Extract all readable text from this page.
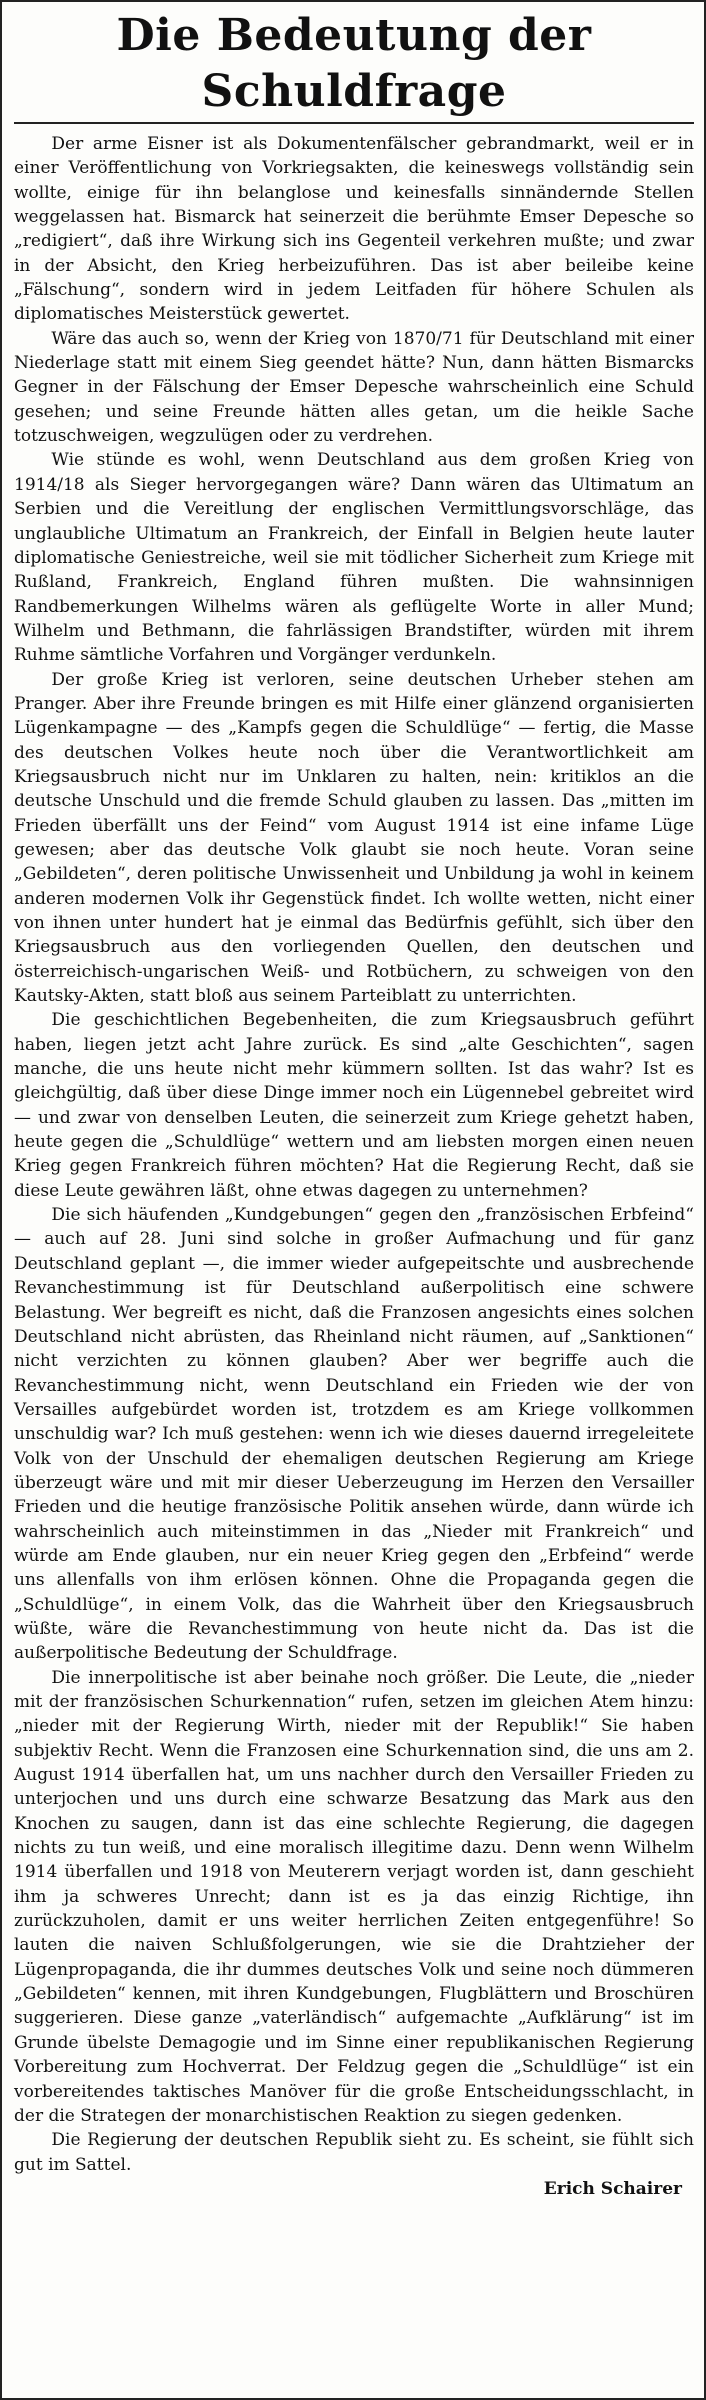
Die Bedeutung der Schuldfrage

Der arme Eisner ist als Dokumentenfälscher gebrandmarkt, weil er in einer Veröffentlichung von Vorkriegsakten, die keineswegs vollständig sein wollte, einige für ihn belanglose und keinesfalls sinnändernde Stellen weggelassen hat. Bismarck hat seinerzeit die berühmte Emser Depesche so „redigiert“, daß ihre Wirkung sich ins Gegenteil verkehren mußte; und zwar in der Absicht, den Krieg herbeizuführen. Das ist aber beileibe keine „Fälschung“, sondern wird in jedem Leitfaden für höhere Schulen als diplomatisches Meisterstück gewertet.

Wäre das auch so, wenn der Krieg von 1870/71 für Deutschland mit einer Niederlage statt mit einem Sieg geendet hätte? Nun, dann hätten Bismarcks Gegner in der Fälschung der Emser Depesche wahrscheinlich eine Schuld gesehen; und seine Freunde hätten alles getan, um die heikle Sache totzuschweigen, wegzulügen oder zu verdrehen.

Wie stünde es wohl, wenn Deutschland aus dem großen Krieg von 1914/18 als Sieger hervorgegangen wäre? Dann wären das Ultimatum an Serbien und die Vereitlung der englischen Vermittlungsvorschläge, das unglaubliche Ultimatum an Frankreich, der Einfall in Belgien heute lauter diplomatische Geniestreiche, weil sie mit tödlicher Sicherheit zum Kriege mit Rußland, Frankreich, England führen mußten. Die wahnsinnigen Randbemerkungen Wilhelms wären als geflügelte Worte in aller Mund; Wilhelm und Bethmann, die fahrlässigen Brandstifter, würden mit ihrem Ruhme sämtliche Vorfahren und Vorgänger verdunkeln.

Der große Krieg ist verloren, seine deutschen Urheber stehen am Pranger. Aber ihre Freunde bringen es mit Hilfe einer glänzend organisierten Lügenkampagne — des „Kampfs gegen die Schuldlüge“ — fertig, die Masse des deutschen Volkes heute noch über die Verantwortlichkeit am Kriegsausbruch nicht nur im Unklaren zu halten, nein: kritiklos an die deutsche Unschuld und die fremde Schuld glauben zu lassen. Das „mitten im Frieden überfällt uns der Feind“ vom August 1914 ist eine infame Lüge gewesen; aber das deutsche Volk glaubt sie noch heute. Voran seine „Gebildeten“, deren politische Unwissenheit und Unbildung ja wohl in keinem anderen modernen Volk ihr Gegenstück findet. Ich wollte wetten, nicht einer von ihnen unter hundert hat je einmal das Bedürfnis gefühlt, sich über den Kriegsausbruch aus den vorliegenden Quellen, den deutschen und österreichisch-ungarischen Weiß- und Rotbüchern, zu schweigen von den Kautsky-Akten, statt bloß aus seinem Parteiblatt zu unterrichten.

Die geschichtlichen Begebenheiten, die zum Kriegsausbruch geführt haben, liegen jetzt acht Jahre zurück. Es sind „alte Geschichten“, sagen manche, die uns heute nicht mehr kümmern sollten. Ist das wahr? Ist es gleichgültig, daß über diese Dinge immer noch ein Lügennebel gebreitet wird — und zwar von denselben Leuten, die seinerzeit zum Kriege gehetzt haben, heute gegen die „Schuldlüge“ wettern und am liebsten morgen einen neuen Krieg gegen Frankreich führen möchten? Hat die Regierung Recht, daß sie diese Leute gewähren läßt, ohne etwas dagegen zu unternehmen?

Die sich häufenden „Kundgebungen“ gegen den „französischen Erbfeind“ — auch auf 28. Juni sind solche in großer Aufmachung und für ganz Deutschland geplant —, die immer wieder aufgepeitschte und ausbrechende Revanchestimmung ist für Deutschland außerpolitisch eine schwere Belastung. Wer begreift es nicht, daß die Franzosen angesichts eines solchen Deutschland nicht abrüsten, das Rheinland nicht räumen, auf „Sanktionen“ nicht verzichten zu können glauben? Aber wer begriffe auch die Revanchestimmung nicht, wenn Deutschland ein Frieden wie der von Versailles aufgebürdet worden ist, trotzdem es am Kriege vollkommen unschuldig war? Ich muß gestehen: wenn ich wie dieses dauernd irregeleitete Volk von der Unschuld der ehemaligen deutschen Regierung am Kriege überzeugt wäre und mit mir dieser Ueberzeugung im Herzen den Versailler Frieden und die heutige französische Politik ansehen würde, dann würde ich wahrscheinlich auch miteinstimmen in das „Nieder mit Frankreich“ und würde am Ende glauben, nur ein neuer Krieg gegen den „Erbfeind“ werde uns allenfalls von ihm erlösen können. Ohne die Propaganda gegen die „Schuldlüge“, in einem Volk, das die Wahrheit über den Kriegsausbruch wüßte, wäre die Revanchestimmung von heute nicht da. Das ist die außerpolitische Bedeutung der Schuldfrage.

Die innerpolitische ist aber beinahe noch größer. Die Leute, die „nieder mit der französischen Schurkennation“ rufen, setzen im gleichen Atem hinzu: „nieder mit der Regierung Wirth, nieder mit der Republik!“ Sie haben subjektiv Recht. Wenn die Franzosen eine Schurkennation sind, die uns am 2. August 1914 überfallen hat, um uns nachher durch den Versailler Frieden zu unterjochen und uns durch eine schwarze Besatzung das Mark aus den Knochen zu saugen, dann ist das eine schlechte Regierung, die dagegen nichts zu tun weiß, und eine moralisch illegitime dazu. Denn wenn Wilhelm 1914 überfallen und 1918 von Meuterern verjagt worden ist, dann geschieht ihm ja schweres Unrecht; dann ist es ja das einzig Richtige, ihn zurückzuholen, damit er uns weiter herrlichen Zeiten entgegenführe! So lauten die naiven Schlußfolgerungen, wie sie die Drahtzieher der Lügenpropaganda, die ihr dummes deutsches Volk und seine noch dümmeren „Gebildeten“ kennen, mit ihren Kundgebungen, Flugblättern und Broschüren suggerieren. Diese ganze „vaterländisch“ aufgemachte „Aufklärung“ ist im Grunde übelste Demagogie und im Sinne einer republikanischen Regierung Vorbereitung zum Hochverrat. Der Feldzug gegen die „Schuldlüge“ ist ein vorbereitendes taktisches Manöver für die große Entscheidungsschlacht, in der die Strategen der monarchistischen Reaktion zu siegen gedenken.

Die Regierung der deutschen Republik sieht zu. Es scheint, sie fühlt sich gut im Sattel.

Erich Schairer
